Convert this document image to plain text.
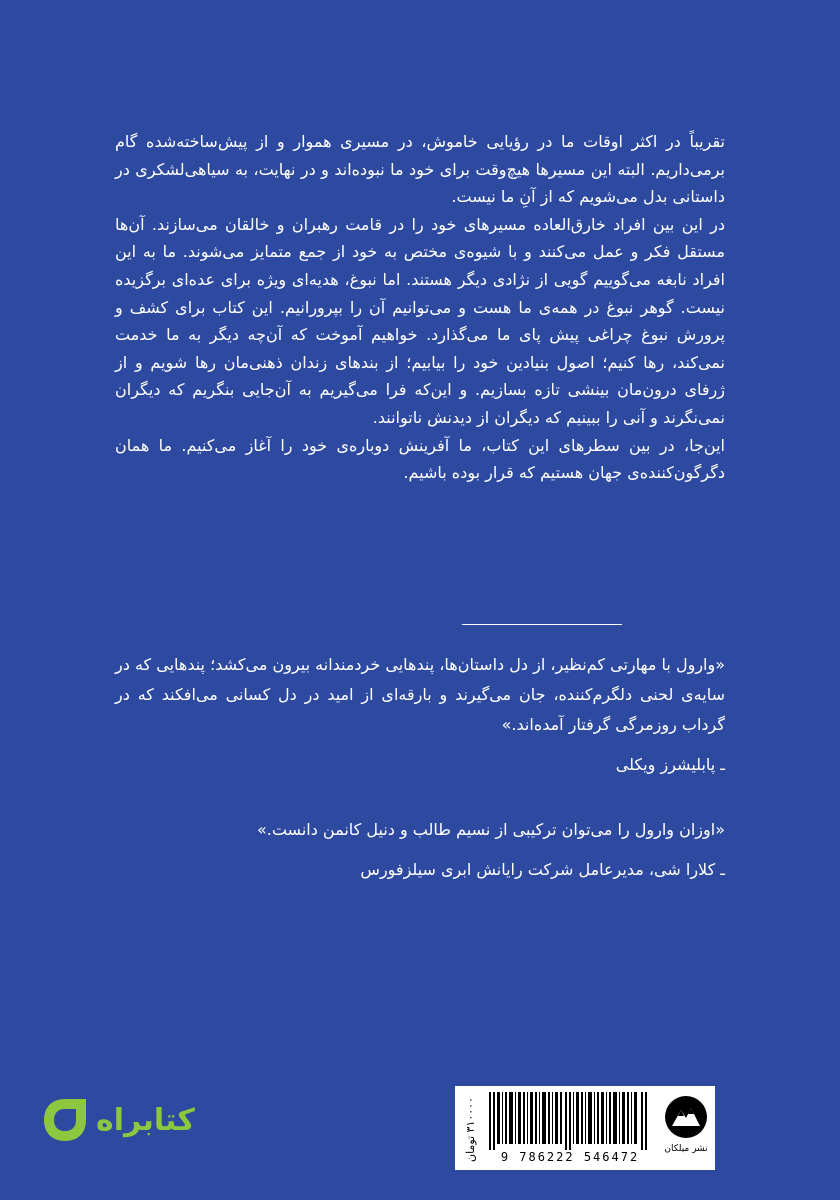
تقریباً در اکثر اوقات ما در رؤیایی خاموش، در مسیری هموار و از پیش‌ساخته‌شده گام برمی‌داریم. البته این مسیرها هیچ‌وقت برای خود ما نبوده‌اند و در نهایت، به سیاهی‌لشکری در داستانی بدل می‌شویم که از آنِ ما نیست.

در این بین افراد خارق‌العاده مسیرهای خود را در قامت رهبران و خالقان می‌سازند. آن‌ها مستقل فکر و عمل می‌کنند و با شیوه‌ی مختص به خود از جمع متمایز می‌شوند. ما به این افراد نابغه می‌گوییم گویی از نژادی دیگر هستند. اما نبوغ، هدیه‌ای ویژه برای عده‌ای برگزیده نیست. گوهر نبوغ در همه‌ی ما هست و می‌توانیم آن را بپرورانیم. این کتاب برای کشف و پرورش نبوغ چراغی پیش پای ما می‌گذارد. خواهیم آموخت که آن‌چه دیگر به ما خدمت نمی‌کند، رها کنیم؛ اصول بنیادین خود را بیابیم؛ از بندهای زندان ذهنی‌مان رها شویم و از ژرفای درون‌مان بینشی تازه بسازیم. و این‌که فرا می‌گیریم به آن‌جایی بنگریم که دیگران نمی‌نگرند و آنی را ببینیم که دیگران از دیدنش ناتوانند.

این‌جا، در بین سطرهای این کتاب، ما آفرینش دوباره‌ی خود را آغاز می‌کنیم. ما همان دگرگون‌کننده‌ی جهان هستیم که قرار بوده باشیم.

«وارول با مهارتی کم‌نظیر، از دل داستان‌ها، پندهایی خردمندانه بیرون می‌کشد؛ پندهایی که در سایه‌ی لحنی دلگرم‌کننده، جان می‌گیرند و بارقه‌ای از امید در دل کسانی می‌افکند که در گرداب روزمرگی گرفتار آمده‌اند.»

ـ پابلیشرز ویکلی

«اوزان وارول را می‌توان ترکیبی از نسیم طالب و دنیل کانمن دانست.»

ـ کلارا شی، مدیرعامل شرکت رایانش ابری سیلزفورس

۳۱۰۰۰۰ تومان
9 786222 546472
نشر میلکان
کتابراه
